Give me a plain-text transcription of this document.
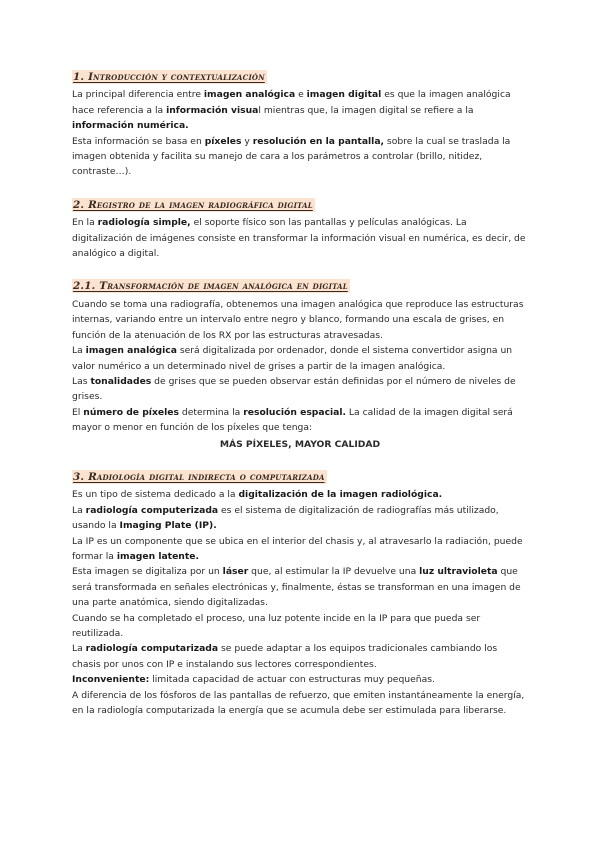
1. Introducción y contextualización

La principal diferencia entre imagen analógica e imagen digital es que la imagen analógica hace referencia a la información visual mientras que, la imagen digital se refiere a la información numérica.

Esta información se basa en píxeles y resolución en la pantalla, sobre la cual se traslada la imagen obtenida y facilita su manejo de cara a los parámetros a controlar (brillo, nitidez, contraste…).

2. Registro de la imagen radiográfica digital

En la radiología simple, el soporte físico son las pantallas y películas analógicas. La digitalización de imágenes consiste en transformar la información visual en numérica, es decir, de analógico a digital.

2.1. Transformación de imagen analógica en digital

Cuando se toma una radiografía, obtenemos una imagen analógica que reproduce las estructuras internas, variando entre un intervalo entre negro y blanco, formando una escala de grises, en función de la atenuación de los RX por las estructuras atravesadas.

La imagen analógica será digitalizada por ordenador, donde el sistema convertidor asigna un valor numérico a un determinado nivel de grises a partir de la imagen analógica.

Las tonalidades de grises que se pueden observar están definidas por el número de niveles de grises.

El número de píxeles determina la resolución espacial. La calidad de la imagen digital será mayor o menor en función de los píxeles que tenga:

MÁS PÍXELES, MAYOR CALIDAD

3. Radiología digital indirecta o computarizada

Es un tipo de sistema dedicado a la digitalización de la imagen radiológica.

La radiología computerizada es el sistema de digitalización de radiografías más utilizado, usando la Imaging Plate (IP).

La IP es un componente que se ubica en el interior del chasis y, al atravesarlo la radiación, puede formar la imagen latente.

Esta imagen se digitaliza por un láser que, al estimular la IP devuelve una luz ultravioleta que será transformada en señales electrónicas y, finalmente, éstas se transforman en una imagen de una parte anatómica, siendo digitalizadas.

Cuando se ha completado el proceso, una luz potente incide en la IP para que pueda ser reutilizada.

La radiología computarizada se puede adaptar a los equipos tradicionales cambiando los chasis por unos con IP e instalando sus lectores correspondientes.

Inconveniente: limitada capacidad de actuar con estructuras muy pequeñas.

A diferencia de los fósforos de las pantallas de refuerzo, que emiten instantáneamente la energía, en la radiología computarizada la energía que se acumula debe ser estimulada para liberarse.
